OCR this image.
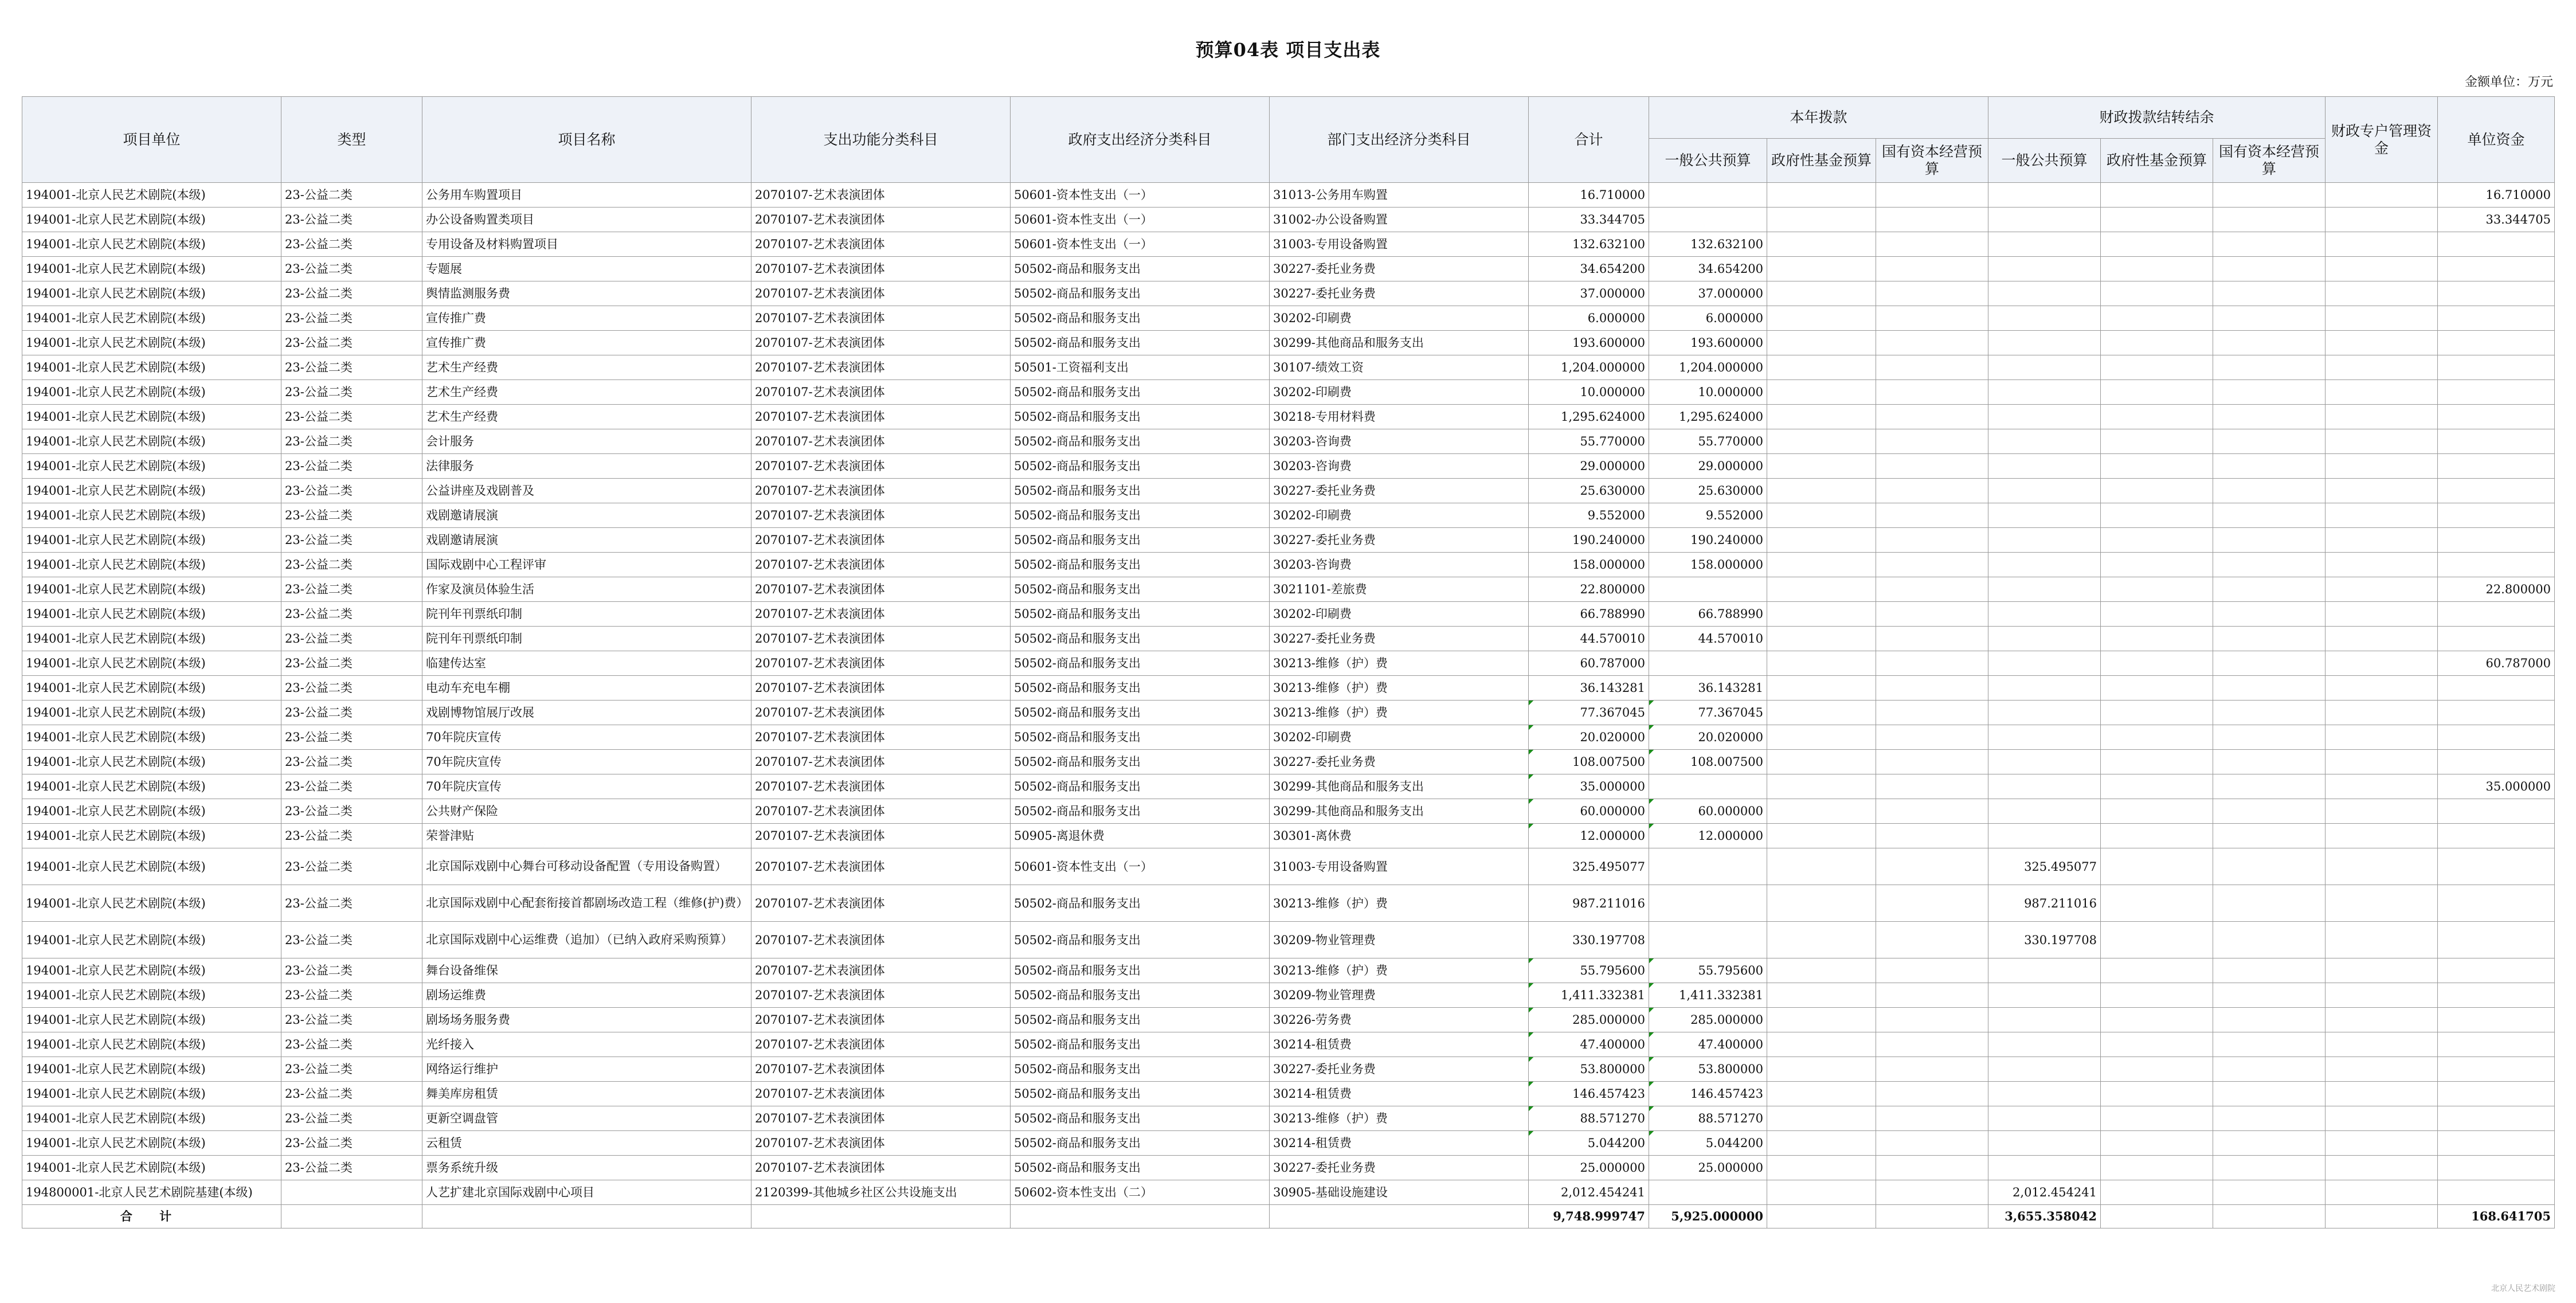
预算04表 项目支出表
金额单位：万元
项目单位	类型	项目名称	支出功能分类科目	政府支出经济分类科目	部门支出经济分类科目	合计	本年拨款			财政拨款结转结余			财政专户管理资金	单位资金
							一般公共预算	政府性基金预算	国有资本经营预算	一般公共预算	政府性基金预算	国有资本经营预算		
194001-北京人民艺术剧院(本级)	23-公益二类	公务用车购置项目	2070107-艺术表演团体	50601-资本性支出（一）	31013-公务用车购置	16.710000								16.710000
194001-北京人民艺术剧院(本级)	23-公益二类	办公设备购置类项目	2070107-艺术表演团体	50601-资本性支出（一）	31002-办公设备购置	33.344705								33.344705
194001-北京人民艺术剧院(本级)	23-公益二类	专用设备及材料购置项目	2070107-艺术表演团体	50601-资本性支出（一）	31003-专用设备购置	132.632100	132.632100							
194001-北京人民艺术剧院(本级)	23-公益二类	专题展	2070107-艺术表演团体	50502-商品和服务支出	30227-委托业务费	34.654200	34.654200							
194001-北京人民艺术剧院(本级)	23-公益二类	舆情监测服务费	2070107-艺术表演团体	50502-商品和服务支出	30227-委托业务费	37.000000	37.000000							
194001-北京人民艺术剧院(本级)	23-公益二类	宣传推广费	2070107-艺术表演团体	50502-商品和服务支出	30202-印刷费	6.000000	6.000000							
194001-北京人民艺术剧院(本级)	23-公益二类	宣传推广费	2070107-艺术表演团体	50502-商品和服务支出	30299-其他商品和服务支出	193.600000	193.600000							
194001-北京人民艺术剧院(本级)	23-公益二类	艺术生产经费	2070107-艺术表演团体	50501-工资福利支出	30107-绩效工资	1,204.000000	1,204.000000							
194001-北京人民艺术剧院(本级)	23-公益二类	艺术生产经费	2070107-艺术表演团体	50502-商品和服务支出	30202-印刷费	10.000000	10.000000							
194001-北京人民艺术剧院(本级)	23-公益二类	艺术生产经费	2070107-艺术表演团体	50502-商品和服务支出	30218-专用材料费	1,295.624000	1,295.624000							
194001-北京人民艺术剧院(本级)	23-公益二类	会计服务	2070107-艺术表演团体	50502-商品和服务支出	30203-咨询费	55.770000	55.770000							
194001-北京人民艺术剧院(本级)	23-公益二类	法律服务	2070107-艺术表演团体	50502-商品和服务支出	30203-咨询费	29.000000	29.000000							
194001-北京人民艺术剧院(本级)	23-公益二类	公益讲座及戏剧普及	2070107-艺术表演团体	50502-商品和服务支出	30227-委托业务费	25.630000	25.630000							
194001-北京人民艺术剧院(本级)	23-公益二类	戏剧邀请展演	2070107-艺术表演团体	50502-商品和服务支出	30202-印刷费	9.552000	9.552000							
194001-北京人民艺术剧院(本级)	23-公益二类	戏剧邀请展演	2070107-艺术表演团体	50502-商品和服务支出	30227-委托业务费	190.240000	190.240000							
194001-北京人民艺术剧院(本级)	23-公益二类	国际戏剧中心工程评审	2070107-艺术表演团体	50502-商品和服务支出	30203-咨询费	158.000000	158.000000							
194001-北京人民艺术剧院(本级)	23-公益二类	作家及演员体验生活	2070107-艺术表演团体	50502-商品和服务支出	3021101-差旅费	22.800000								22.800000
194001-北京人民艺术剧院(本级)	23-公益二类	院刊年刊票纸印制	2070107-艺术表演团体	50502-商品和服务支出	30202-印刷费	66.788990	66.788990							
194001-北京人民艺术剧院(本级)	23-公益二类	院刊年刊票纸印制	2070107-艺术表演团体	50502-商品和服务支出	30227-委托业务费	44.570010	44.570010							
194001-北京人民艺术剧院(本级)	23-公益二类	临建传达室	2070107-艺术表演团体	50502-商品和服务支出	30213-维修（护）费	60.787000								60.787000
194001-北京人民艺术剧院(本级)	23-公益二类	电动车充电车棚	2070107-艺术表演团体	50502-商品和服务支出	30213-维修（护）费	36.143281	36.143281							
194001-北京人民艺术剧院(本级)	23-公益二类	戏剧博物馆展厅改展	2070107-艺术表演团体	50502-商品和服务支出	30213-维修（护）费	77.367045	77.367045							
194001-北京人民艺术剧院(本级)	23-公益二类	70年院庆宣传	2070107-艺术表演团体	50502-商品和服务支出	30202-印刷费	20.020000	20.020000							
194001-北京人民艺术剧院(本级)	23-公益二类	70年院庆宣传	2070107-艺术表演团体	50502-商品和服务支出	30227-委托业务费	108.007500	108.007500							
194001-北京人民艺术剧院(本级)	23-公益二类	70年院庆宣传	2070107-艺术表演团体	50502-商品和服务支出	30299-其他商品和服务支出	35.000000								35.000000
194001-北京人民艺术剧院(本级)	23-公益二类	公共财产保险	2070107-艺术表演团体	50502-商品和服务支出	30299-其他商品和服务支出	60.000000	60.000000							
194001-北京人民艺术剧院(本级)	23-公益二类	荣誉津贴	2070107-艺术表演团体	50905-离退休费	30301-离休费	12.000000	12.000000							
194001-北京人民艺术剧院(本级)	23-公益二类	北京国际戏剧中心舞台可移动设备配置（专用设备购置）	2070107-艺术表演团体	50601-资本性支出（一）	31003-专用设备购置	325.495077				325.495077				
194001-北京人民艺术剧院(本级)	23-公益二类	北京国际戏剧中心配套衔接首都剧场改造工程（维修(护)费）	2070107-艺术表演团体	50502-商品和服务支出	30213-维修（护）费	987.211016				987.211016				
194001-北京人民艺术剧院(本级)	23-公益二类	北京国际戏剧中心运维费（追加）（已纳入政府采购预算）	2070107-艺术表演团体	50502-商品和服务支出	30209-物业管理费	330.197708				330.197708				
194001-北京人民艺术剧院(本级)	23-公益二类	舞台设备维保	2070107-艺术表演团体	50502-商品和服务支出	30213-维修（护）费	55.795600	55.795600							
194001-北京人民艺术剧院(本级)	23-公益二类	剧场运维费	2070107-艺术表演团体	50502-商品和服务支出	30209-物业管理费	1,411.332381	1,411.332381							
194001-北京人民艺术剧院(本级)	23-公益二类	剧场场务服务费	2070107-艺术表演团体	50502-商品和服务支出	30226-劳务费	285.000000	285.000000							
194001-北京人民艺术剧院(本级)	23-公益二类	光纤接入	2070107-艺术表演团体	50502-商品和服务支出	30214-租赁费	47.400000	47.400000							
194001-北京人民艺术剧院(本级)	23-公益二类	网络运行维护	2070107-艺术表演团体	50502-商品和服务支出	30227-委托业务费	53.800000	53.800000							
194001-北京人民艺术剧院(本级)	23-公益二类	舞美库房租赁	2070107-艺术表演团体	50502-商品和服务支出	30214-租赁费	146.457423	146.457423							
194001-北京人民艺术剧院(本级)	23-公益二类	更新空调盘管	2070107-艺术表演团体	50502-商品和服务支出	30213-维修（护）费	88.571270	88.571270							
194001-北京人民艺术剧院(本级)	23-公益二类	云租赁	2070107-艺术表演团体	50502-商品和服务支出	30214-租赁费	5.044200	5.044200							
194001-北京人民艺术剧院(本级)	23-公益二类	票务系统升级	2070107-艺术表演团体	50502-商品和服务支出	30227-委托业务费	25.000000	25.000000							
194800001-北京人民艺术剧院基建(本级)		人艺扩建北京国际戏剧中心项目	2120399-其他城乡社区公共设施支出	50602-资本性支出（二）	30905-基础设施建设	2,012.454241				2,012.454241				
合 计						9,748.999747	5,925.000000			3,655.358042				168.641705
北京人民艺术剧院
